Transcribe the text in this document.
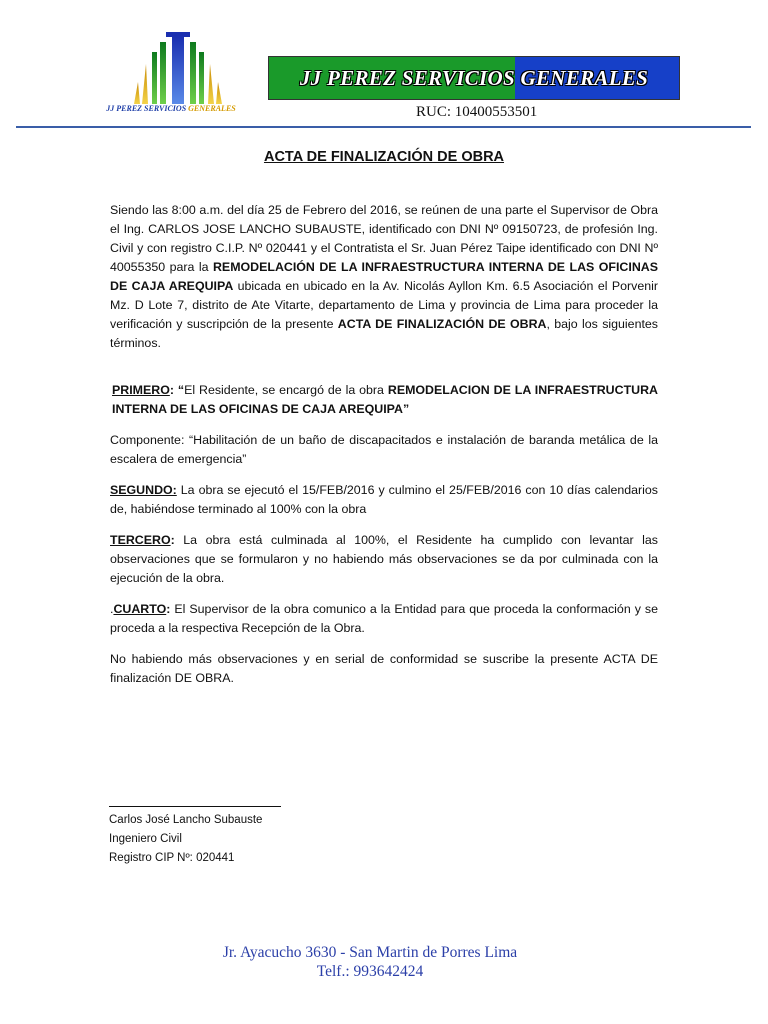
JJ PEREZ SERVICIOS GENERALES
JJ PEREZ SERVICIOS GENERALES
RUC: 10400553501
ACTA DE FINALIZACIÓN DE OBRA

Siendo las 8:00 a.m. del día 25 de Febrero del 2016, se reúnen de una parte el Supervisor de Obra el Ing. CARLOS JOSE LANCHO SUBAUSTE, identificado con DNI Nº 09150723, de profesión Ing. Civil y con registro C.I.P. Nº 020441 y el Contratista el Sr. Juan Pérez Taipe identificado con DNI Nº 40055350 para la REMODELACIÓN DE LA INFRAESTRUCTURA INTERNA DE LAS OFICINAS DE CAJA AREQUIPA ubicada en ubicado en la Av. Nicolás Ayllon Km. 6.5 Asociación el Porvenir Mz. D Lote 7, distrito de Ate Vitarte, departamento de Lima y provincia de Lima para proceder la verificación y suscripción de la presente ACTA DE FINALIZACIÓN DE OBRA, bajo los siguientes términos.

PRIMERO: “El Residente, se encargó de la obra REMODELACION DE LA INFRAESTRUCTURA INTERNA DE LAS OFICINAS DE CAJA AREQUIPA”

Componente: “Habilitación de un baño de discapacitados e instalación de baranda metálica de la escalera de emergencia”

SEGUNDO: La obra se ejecutó el 15/FEB/2016 y culmino el 25/FEB/2016 con 10 días calendarios de, habiéndose terminado al 100% con la obra

TERCERO: La obra está culminada al 100%, el Residente ha cumplido con levantar las observaciones que se formularon y no habiendo más observaciones se da por culminada con la ejecución de la obra.

.CUARTO: El Supervisor de la obra comunico a la Entidad para que proceda la conformación y se proceda a la respectiva Recepción de la Obra.

No habiendo más observaciones y en serial de conformidad se suscribe la presente ACTA DE finalización DE OBRA.

Carlos José Lancho Subauste
Ingeniero Civil
Registro CIP Nº: 020441
Jr. Ayacucho 3630 - San Martin de Porres Lima
Telf.: 993642424
